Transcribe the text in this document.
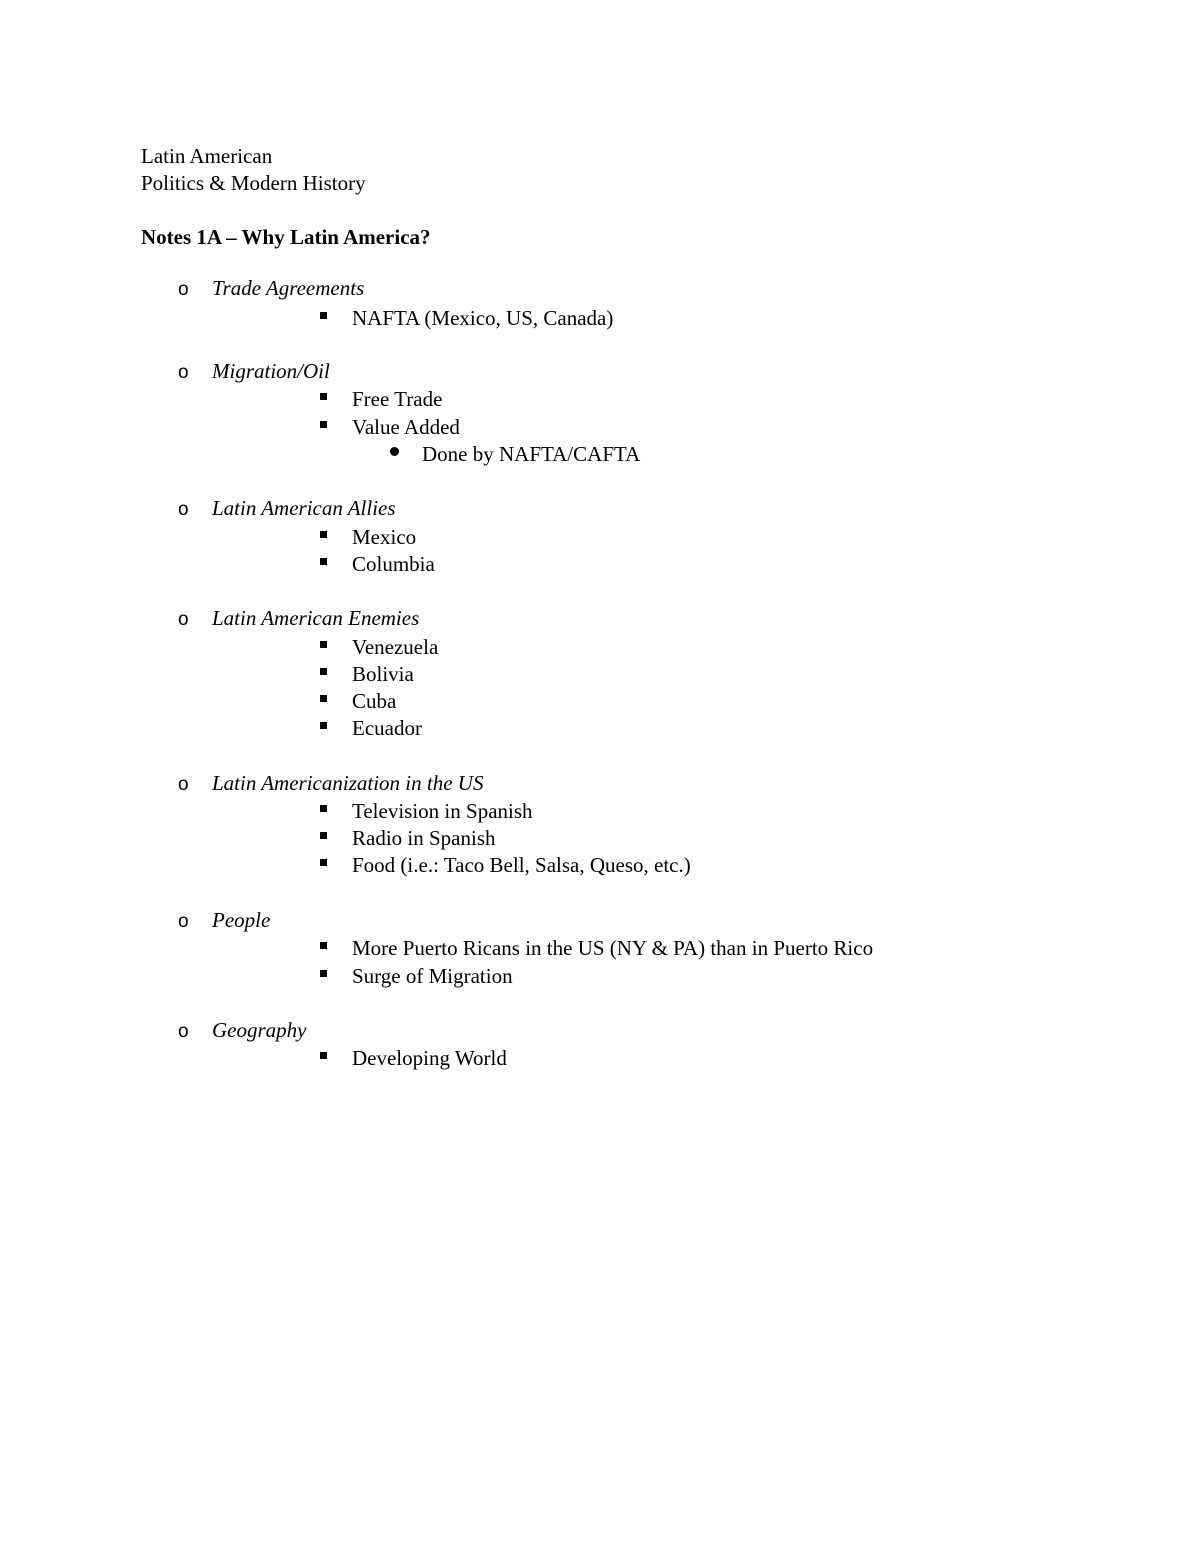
Latin American
Politics & Modern History
Notes 1A – Why Latin America?
o Trade Agreements
NAFTA (Mexico, US, Canada)
o Migration/Oil
Free Trade
Value Added
Done by NAFTA/CAFTA
o Latin American Allies
Mexico
Columbia
o Latin American Enemies
Venezuela
Bolivia
Cuba
Ecuador
o Latin Americanization in the US
Television in Spanish
Radio in Spanish
Food (i.e.: Taco Bell, Salsa, Queso, etc.)
o People
More Puerto Ricans in the US (NY & PA) than in Puerto Rico
Surge of Migration
o Geography
Developing World
